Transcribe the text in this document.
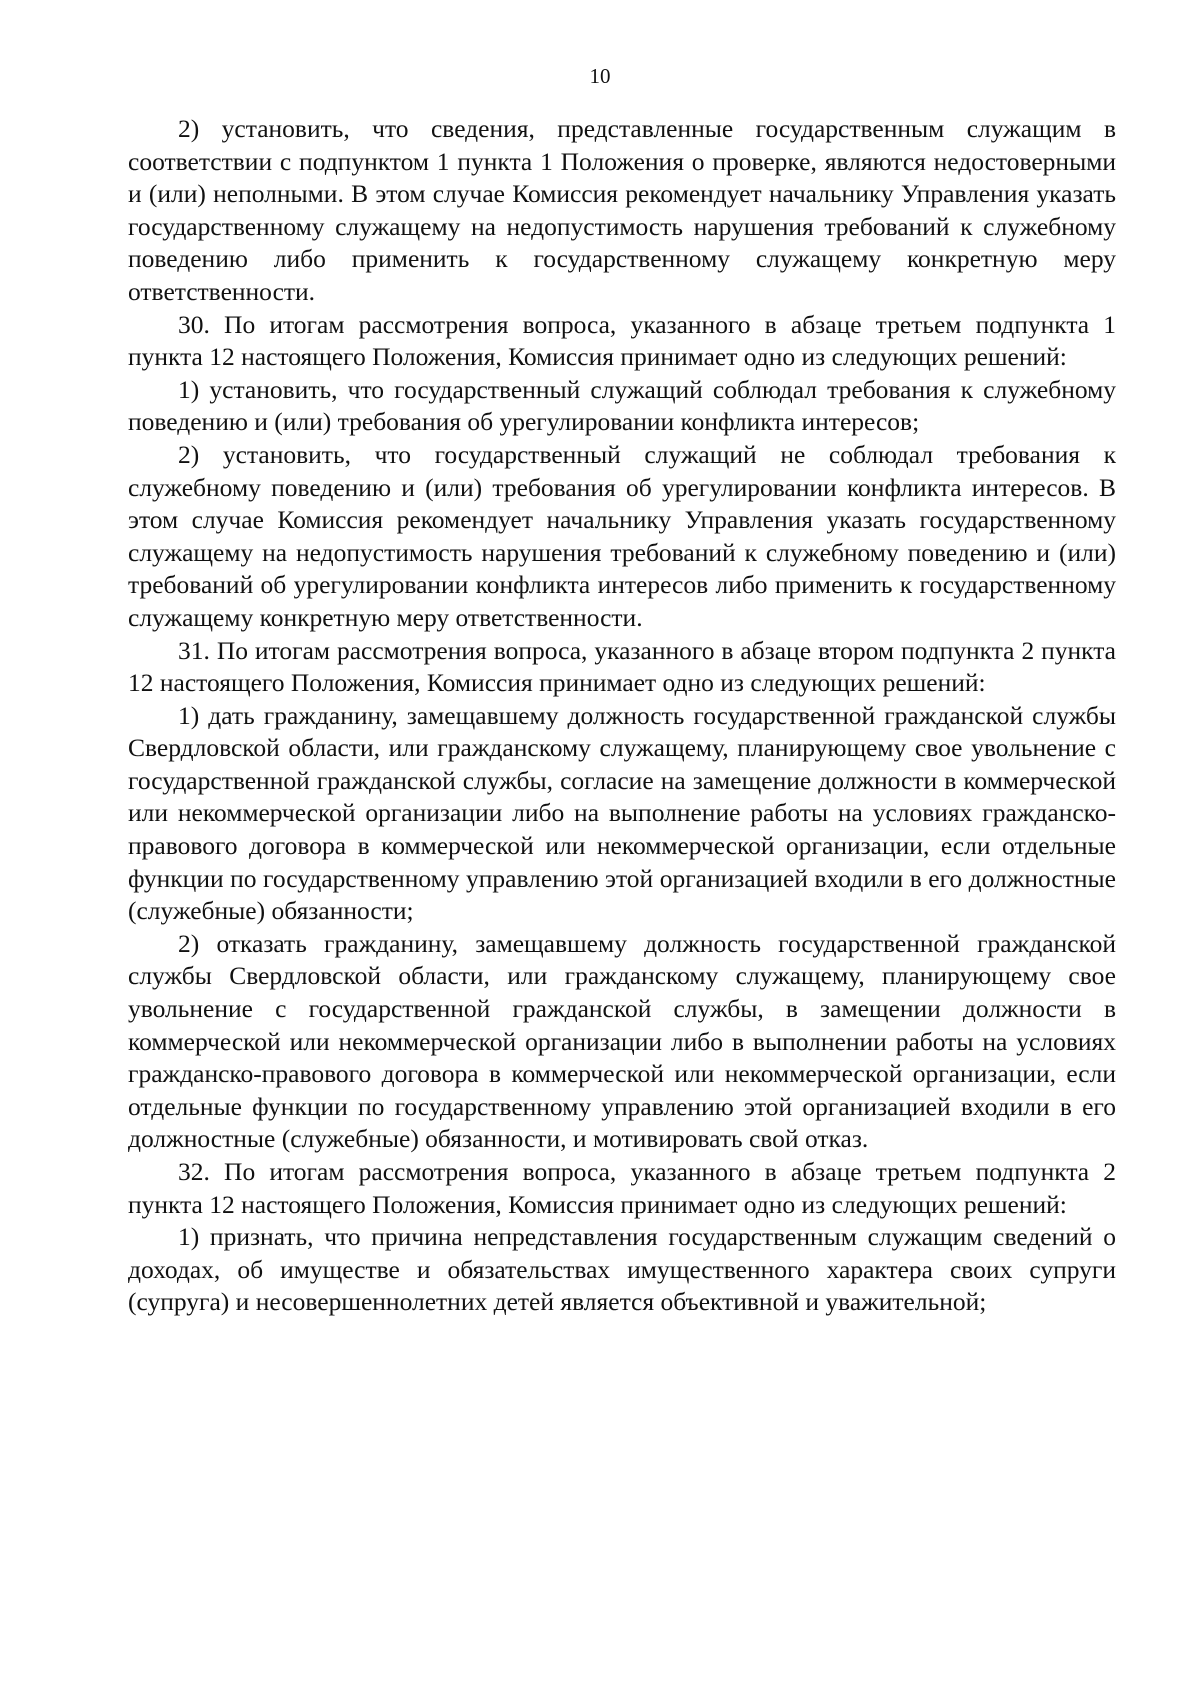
10

2) установить, что сведения, представленные государственным служащим в соответствии с подпунктом 1 пункта 1 Положения о проверке, являются недостоверными и (или) неполными. В этом случае Комиссия рекомендует начальнику Управления указать государственному служащему на недопустимость нарушения требований к служебному поведению либо применить к государственному служащему конкретную меру ответственности.

30. По итогам рассмотрения вопроса, указанного в абзаце третьем подпункта 1 пункта 12 настоящего Положения, Комиссия принимает одно из следующих решений:

1) установить, что государственный служащий соблюдал требования к служебному поведению и (или) требования об урегулировании конфликта интересов;

2) установить, что государственный служащий не соблюдал требования к служебному поведению и (или) требования об урегулировании конфликта интересов. В этом случае Комиссия рекомендует начальнику Управления указать государственному служащему на недопустимость нарушения требований к служебному поведению и (или) требований об урегулировании конфликта интересов либо применить к государственному служащему конкретную меру ответственности.

31. По итогам рассмотрения вопроса, указанного в абзаце втором подпункта 2 пункта 12 настоящего Положения, Комиссия принимает одно из следующих решений:

1) дать гражданину, замещавшему должность государственной гражданской службы Свердловской области, или гражданскому служащему, планирующему свое увольнение с государственной гражданской службы, согласие на замещение должности в коммерческой или некоммерческой организации либо на выполнение работы на условиях гражданско-правового договора в коммерческой или некоммерческой организации, если отдельные функции по государственному управлению этой организацией входили в его должностные (служебные) обязанности;

2) отказать гражданину, замещавшему должность государственной гражданской службы Свердловской области, или гражданскому служащему, планирующему свое увольнение с государственной гражданской службы, в замещении должности в коммерческой или некоммерческой организации либо в выполнении работы на условиях гражданско-правового договора в коммерческой или некоммерческой организации, если отдельные функции по государственному управлению этой организацией входили в его должностные (служебные) обязанности, и мотивировать свой отказ.

32. По итогам рассмотрения вопроса, указанного в абзаце третьем подпункта 2 пункта 12 настоящего Положения, Комиссия принимает одно из следующих решений:

1) признать, что причина непредставления государственным служащим сведений о доходах, об имуществе и обязательствах имущественного характера своих супруги (супруга) и несовершеннолетних детей является объективной и уважительной;
